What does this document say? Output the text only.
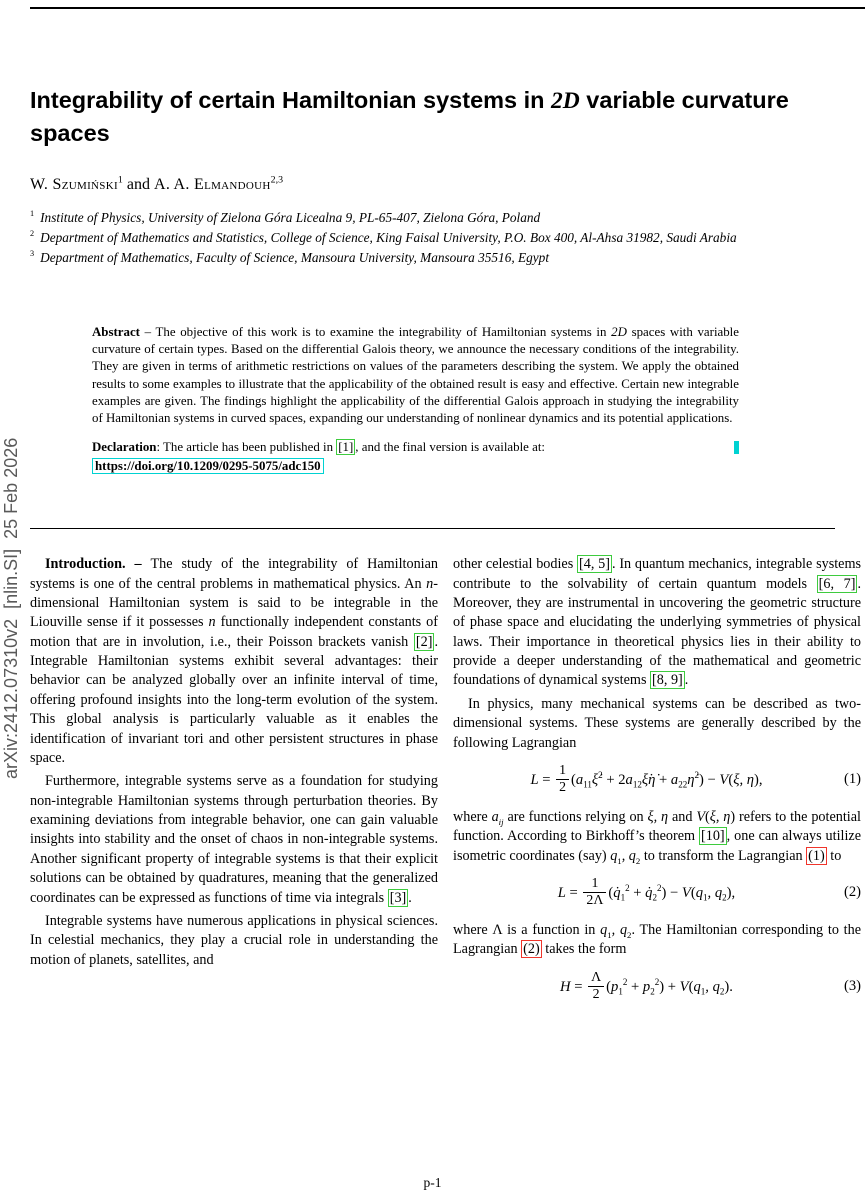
arXiv:2412.07310v2  [nlin.SI]  25 Feb 2026
Integrability of certain Hamiltonian systems in 2D variable curvature spaces
W. Szumiński$^1$ and A. A. Elmandouh$^{2,3}$
$^1$ Institute of Physics, University of Zielona Góra Licealna 9, PL-65-407, Zielona Góra, Poland
$^2$ Department of Mathematics and Statistics, College of Science, King Faisal University, P.O. Box 400, Al-Ahsa 31982, Saudi Arabia
$^3$ Department of Mathematics, Faculty of Science, Mansoura University, Mansoura 35516, Egypt
Abstract – The objective of this work is to examine the integrability of Hamiltonian systems in 2D spaces with variable curvature of certain types. Based on the differential Galois theory, we announce the necessary conditions of the integrability. They are given in terms of arithmetic restrictions on values of the parameters describing the system. We apply the obtained results to some examples to illustrate that the applicability of the obtained result is easy and effective. Certain new integrable examples are given. The findings highlight the applicability of the differential Galois approach in studying the integrability of Hamiltonian systems in curved spaces, expanding our understanding of nonlinear dynamics and its potential applications.
Declaration: The article has been published in [1] , and the final version is available at:

https://doi.org/10.1209/0295-5075/adc150

Introduction. – The study of the integrability of Hamiltonian systems is one of the central problems in mathematical physics. An n-dimensional Hamiltonian system is said to be integrable in the Liouville sense if it possesses n functionally independent constants of motion that are in involution, i.e., their Poisson brackets vanish [2] . Integrable Hamiltonian systems exhibit several advantages: their behavior can be analyzed globally over an infinite interval of time, offering profound insights into the long-term evolution of the system. This global analysis is particularly valuable as it enables the identification of invariant tori and other persistent structures in phase space.

Furthermore, integrable systems serve as a foundation for studying non-integrable Hamiltonian systems through perturbation theories. By examining deviations from integrable behavior, one can gain valuable insights into stability and the onset of chaos in non-integrable systems. Another significant property of integrable systems is that their explicit solutions can be obtained by quadratures, meaning that the generalized coordinates can be expressed as functions of time via integrals [3] .

Integrable systems have numerous applications in physical sciences. In celestial mechanics, they play a crucial role in understanding the motion of planets, satellites, and

other celestial bodies [4, 5] . In quantum mechanics, integrable systems contribute to the solvability of certain quantum models [6, 7] . Moreover, they are instrumental in uncovering the geometric structure of phase space and elucidating the underlying symmetries of physical laws. Their importance in theoretical physics lies in their ability to provide a deeper understanding of the mathematical and geometric foundations of dynamical systems [8, 9] .

In physics, many mechanical systems can be described as two-dimensional systems. These systems are generally described by the following Lagrangian

$L = \frac{1}{2}$ ($a_{11}\xi̇^2$ + $2a_{12}\xi̇\etȧ$ + $a_{22}\etȧ^2) - V(\xi$, η),	(1)

where $a_{ij}$ are functions relying on ξ, η and V(ξ, η) refers to the potential function. According to Birkhoff’s theorem [10] , one can always utilize isometric coordinates (say) $q_1$, $q_2$ to transform the Lagrangian (1) to

$L = \frac{1}{2\Lambda}$ ($q̇_1^2$ + $q̇_2^2) - V(q_1$, $q_2$),	(2)

where Λ is a function in $q_1$, $q_2$. The Hamiltonian corresponding to the Lagrangian (2) takes the form

$H = \frac{\Lambda}{2} (p_1^2 + p_2^2) + V(q_1$, $q_2$).	(3)
p-1
